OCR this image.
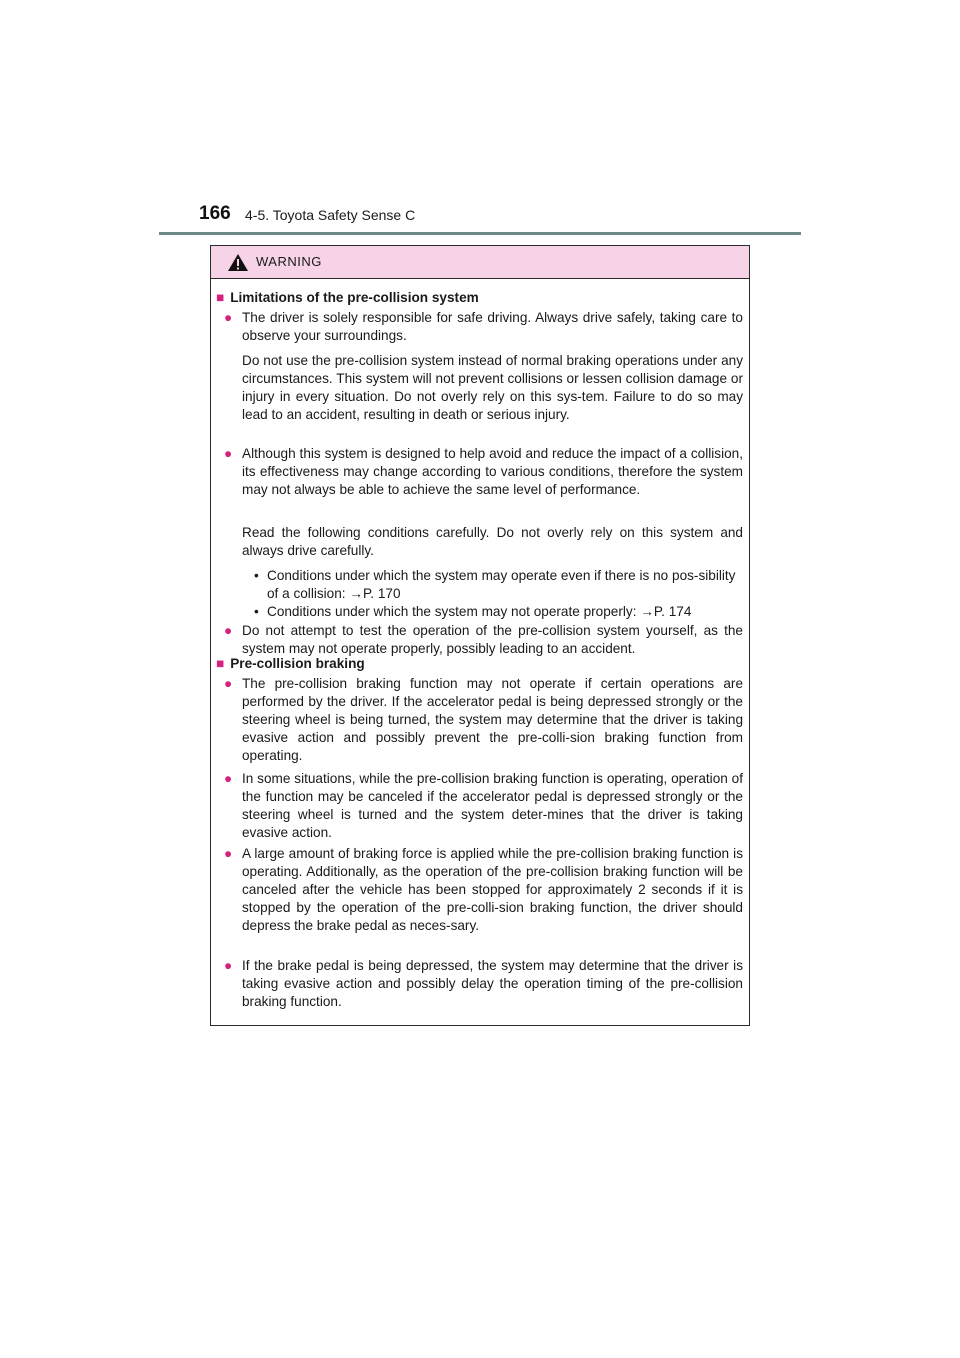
166 4-5. Toyota Safety Sense C
WARNING
■ Limitations of the pre-collision system
● The driver is solely responsible for safe driving. Always drive safely, taking care to observe your surroundings.
Do not use the pre-collision system instead of normal braking operations under any circumstances. This system will not prevent collisions or lessen collision damage or injury in every situation. Do not overly rely on this sys-tem. Failure to do so may lead to an accident, resulting in death or serious injury.
● Although this system is designed to help avoid and reduce the impact of a collision, its effectiveness may change according to various conditions, therefore the system may not always be able to achieve the same level of performance.
Read the following conditions carefully. Do not overly rely on this system and always drive carefully.
• Conditions under which the system may operate even if there is no pos-sibility of a collision: →P. 170
• Conditions under which the system may not operate properly: →P. 174
● Do not attempt to test the operation of the pre-collision system yourself, as the system may not operate properly, possibly leading to an accident.
■ Pre-collision braking
● The pre-collision braking function may not operate if certain operations are performed by the driver. If the accelerator pedal is being depressed strongly or the steering wheel is being turned, the system may determine that the driver is taking evasive action and possibly prevent the pre-colli-sion braking function from operating.
● In some situations, while the pre-collision braking function is operating, operation of the function may be canceled if the accelerator pedal is depressed strongly or the steering wheel is turned and the system deter-mines that the driver is taking evasive action.
● A large amount of braking force is applied while the pre-collision braking function is operating. Additionally, as the operation of the pre-collision braking function will be canceled after the vehicle has been stopped for approximately 2 seconds if it is stopped by the operation of the pre-colli-sion braking function, the driver should depress the brake pedal as neces-sary.
● If the brake pedal is being depressed, the system may determine that the driver is taking evasive action and possibly delay the operation timing of the pre-collision braking function.
